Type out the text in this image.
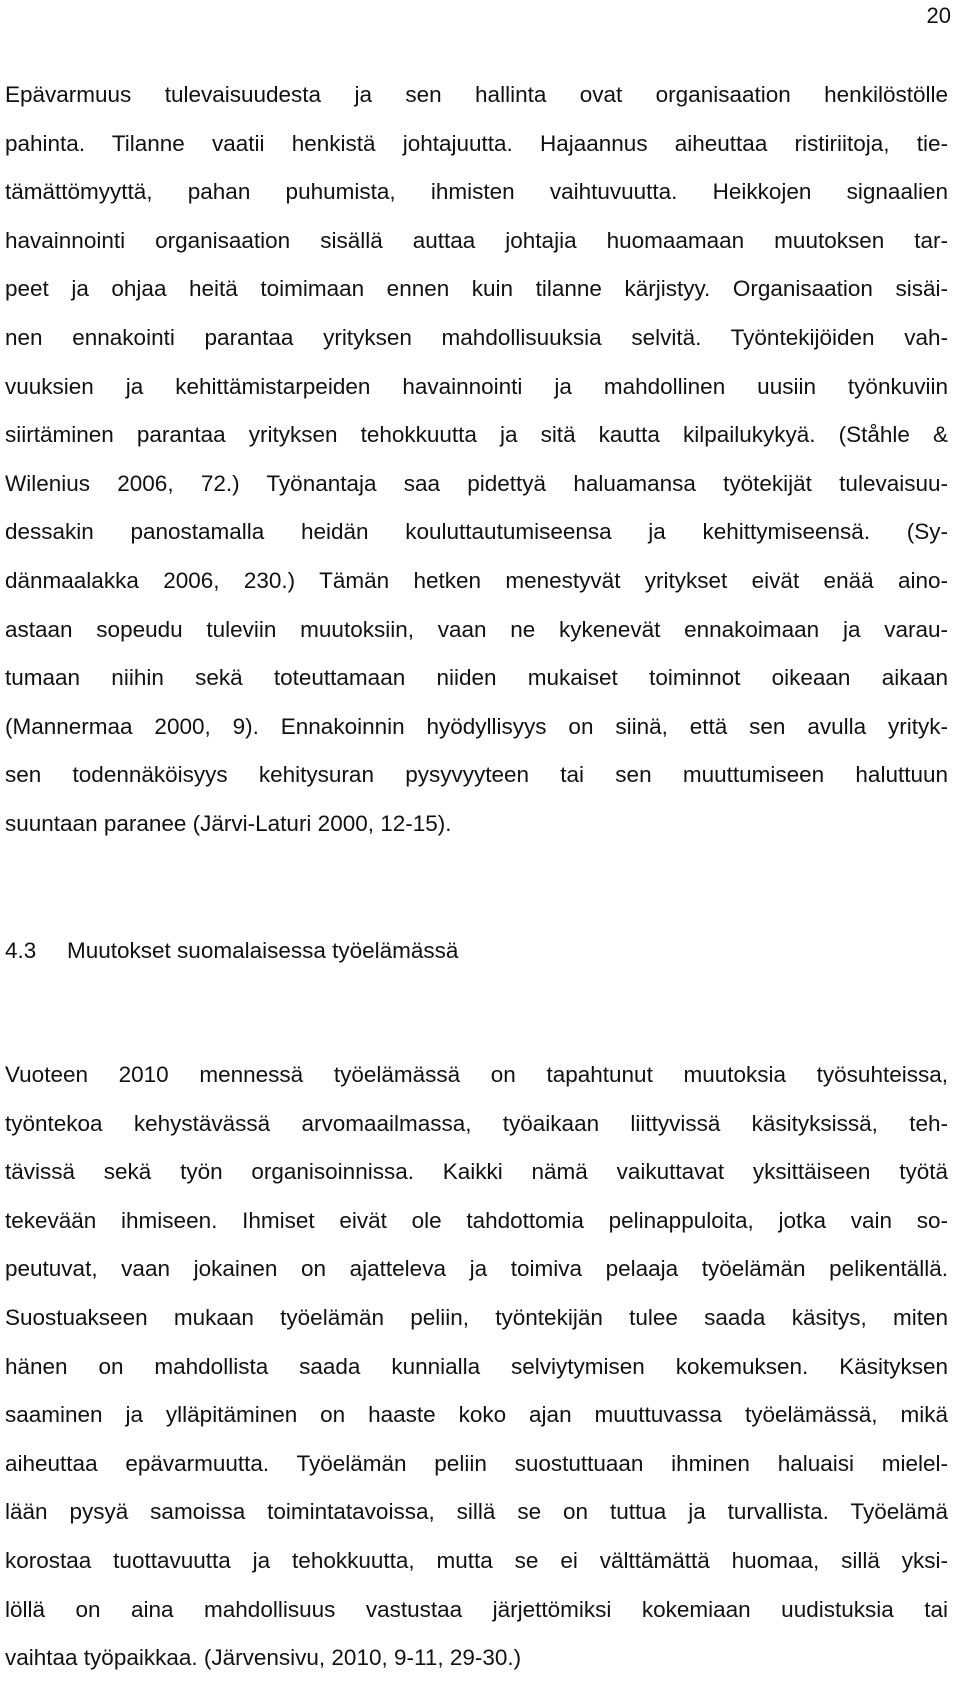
20
Epävarmuus tulevaisuudesta ja sen hallinta ovat organisaation henkilöstölle
pahinta. Tilanne vaatii henkistä johtajuutta. Hajaannus aiheuttaa ristiriitoja, tie-
tämättömyyttä, pahan puhumista, ihmisten vaihtuvuutta. Heikkojen signaalien
havainnointi organisaation sisällä auttaa johtajia huomaamaan muutoksen tar-
peet ja ohjaa heitä toimimaan ennen kuin tilanne kärjistyy. Organisaation sisäi-
nen ennakointi parantaa yrityksen mahdollisuuksia selvitä. Työntekijöiden vah-
vuuksien ja kehittämistarpeiden havainnointi ja mahdollinen uusiin työnkuviin
siirtäminen parantaa yrityksen tehokkuutta ja sitä kautta kilpailukykyä. (Ståhle &
Wilenius 2006, 72.) Työnantaja saa pidettyä haluamansa työtekijät tulevaisuu-
dessakin panostamalla heidän kouluttautumiseensa ja kehittymiseensä. (Sy-
dänmaalakka 2006, 230.) Tämän hetken menestyvät yritykset eivät enää aino-
astaan sopeudu tuleviin muutoksiin, vaan ne kykenevät ennakoimaan ja varau-
tumaan niihin sekä toteuttamaan niiden mukaiset toiminnot oikeaan aikaan
(Mannermaa 2000, 9). Ennakoinnin hyödyllisyys on siinä, että sen avulla yrityk-
sen todennäköisyys kehitysuran pysyvyyteen tai sen muuttumiseen haluttuun
suuntaan paranee (Järvi-Laturi 2000, 12-15).
4.3 Muutokset suomalaisessa työelämässä
Vuoteen 2010 mennessä työelämässä on tapahtunut muutoksia työsuhteissa,
työntekoa kehystävässä arvomaailmassa, työaikaan liittyvissä käsityksissä, teh-
tävissä sekä työn organisoinnissa. Kaikki nämä vaikuttavat yksittäiseen työtä
tekevään ihmiseen. Ihmiset eivät ole tahdottomia pelinappuloita, jotka vain so-
peutuvat, vaan jokainen on ajatteleva ja toimiva pelaaja työelämän pelikentällä.
Suostuakseen mukaan työelämän peliin, työntekijän tulee saada käsitys, miten
hänen on mahdollista saada kunnialla selviytymisen kokemuksen. Käsityksen
saaminen ja ylläpitäminen on haaste koko ajan muuttuvassa työelämässä, mikä
aiheuttaa epävarmuutta. Työelämän peliin suostuttuaan ihminen haluaisi mielel-
lään pysyä samoissa toimintatavoissa, sillä se on tuttua ja turvallista. Työelämä
korostaa tuottavuutta ja tehokkuutta, mutta se ei välttämättä huomaa, sillä yksi-
löllä on aina mahdollisuus vastustaa järjettömiksi kokemiaan uudistuksia tai
vaihtaa työpaikkaa. (Järvensivu, 2010, 9-11, 29-30.)
